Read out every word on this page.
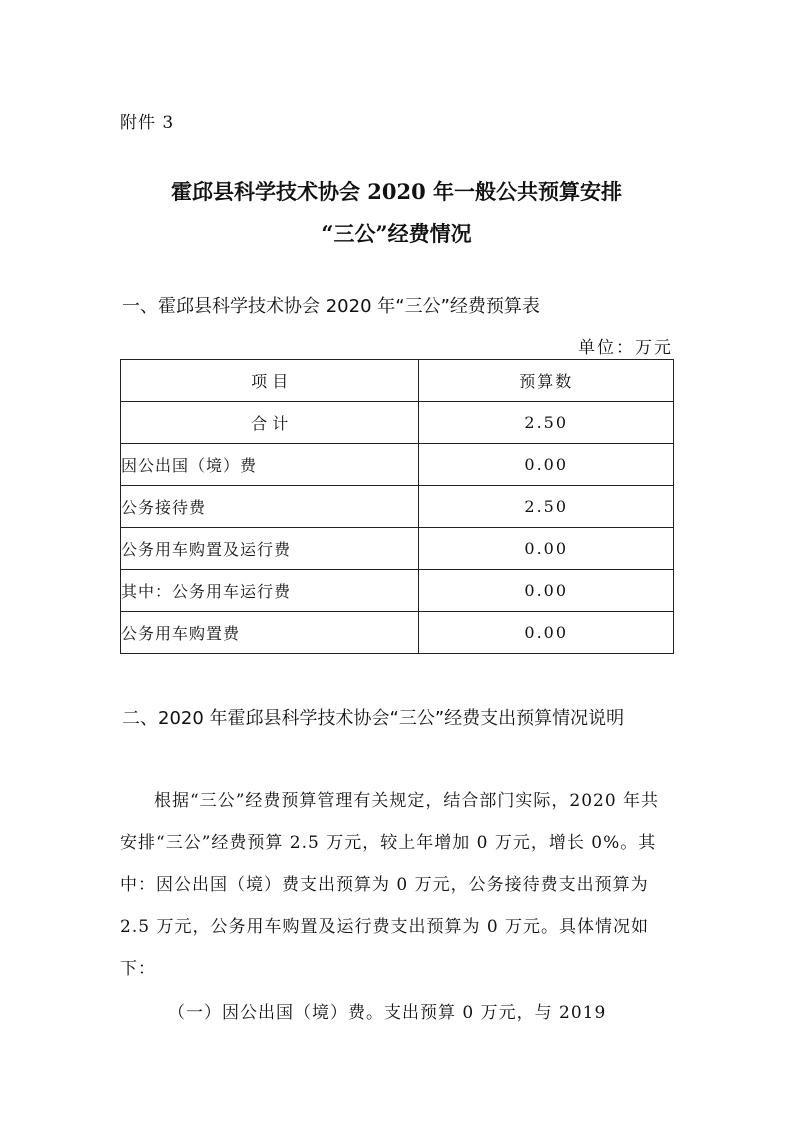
附件 3
霍邱县科学技术协会 2020 年一般公共预算安排
“三公”经费情况
一、霍邱县科学技术协会 2020 年“三公”经费预算表
单位：万元
项 目	预算数
合 计	2.50
因公出国（境）费	0.00
公务接待费	2.50
公务用车购置及运行费	0.00
其中：公务用车运行费	0.00
公务用车购置费	0.00
二、2020 年霍邱县科学技术协会“三公”经费支出预算情况说明
根据“三公”经费预算管理有关规定，结合部门实际，2020 年共安排“三公”经费预算 2.5 万元，较上年增加 0 万元，增长 0%。其中：因公出国（境）费支出预算为 0 万元，公务接待费支出预算为 2.5 万元，公务用车购置及运行费支出预算为 0 万元。具体情况如下：
（一）因公出国（境）费。支出预算 0 万元，与 2019
